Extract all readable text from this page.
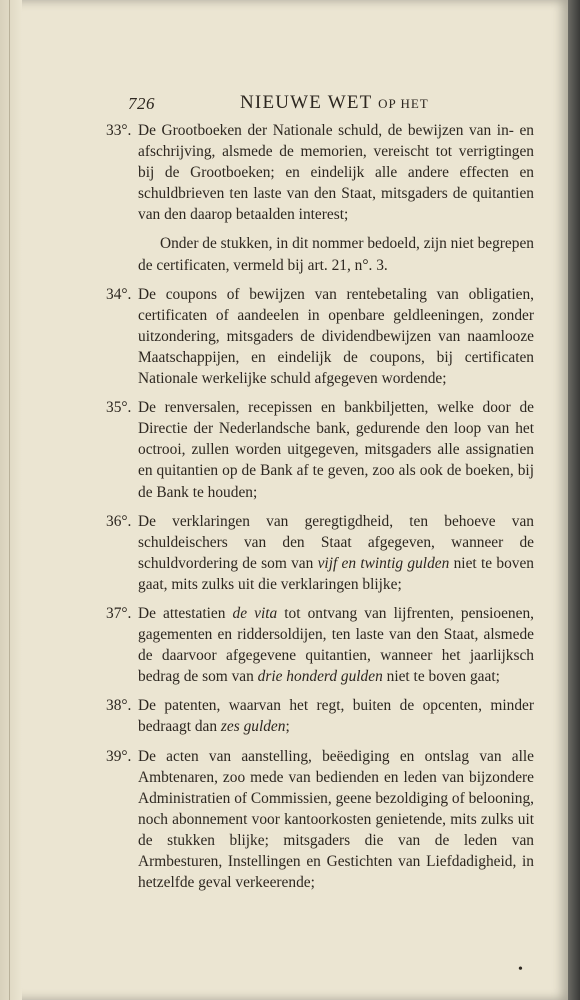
726	NIEUWE WET OP HET
33°. De Grootboeken der Nationale schuld, de bewijzen van in- en afschrijving, alsmede de memorien, vereischt tot verrigtingen bij de Grootboeken; en eindelijk alle andere effecten en schuldbrieven ten laste van den Staat, mitsgaders de quitantien van den daarop betaalden interest;

Onder de stukken, in dit nommer bedoeld, zijn niet begrepen de certificaten, vermeld bij art. 21, n°. 3.

34°. De coupons of bewijzen van rentebetaling van obligatien, certificaten of aandeelen in openbare geldleeningen, zonder uitzondering, mitsgaders de dividendbewijzen van naamlooze Maatschappijen, en eindelijk de coupons, bij certificaten Nationale werkelijke schuld afgegeven wordende;

35°. De renversalen, recepissen en bankbiljetten, welke door de Directie der Nederlandsche bank, gedurende den loop van het octrooi, zullen worden uitgegeven, mitsgaders alle assignatien en quitantien op de Bank af te geven, zoo als ook de boeken, bij de Bank te houden;

36°. De verklaringen van geregtigdheid, ten behoeve van schuldeischers van den Staat afgegeven, wanneer de schuldvordering de som van vijf en twintig gulden niet te boven gaat, mits zulks uit die verklaringen blijke;

37°. De attestatien de vita tot ontvang van lijfrenten, pensioenen, gagementen en riddersoldijen, ten laste van den Staat, alsmede de daarvoor afgegevene quitantien, wanneer het jaarlijksch bedrag de som van drie honderd gulden niet te boven gaat;

38°. De patenten, waarvan het regt, buiten de opcenten, minder bedraagt dan zes gulden;

39°. De acten van aanstelling, beëediging en ontslag van alle Ambtenaren, zoo mede van bedienden en leden van bijzondere Administratien of Commissien, geene bezoldiging of belooning, noch abonnement voor kantoorkosten genietende, mits zulks uit de stukken blijke; mitsgaders die van de leden van Armbesturen, Instellingen en Gestichten van Liefdadigheid, in hetzelfde geval verkeerende;

•
